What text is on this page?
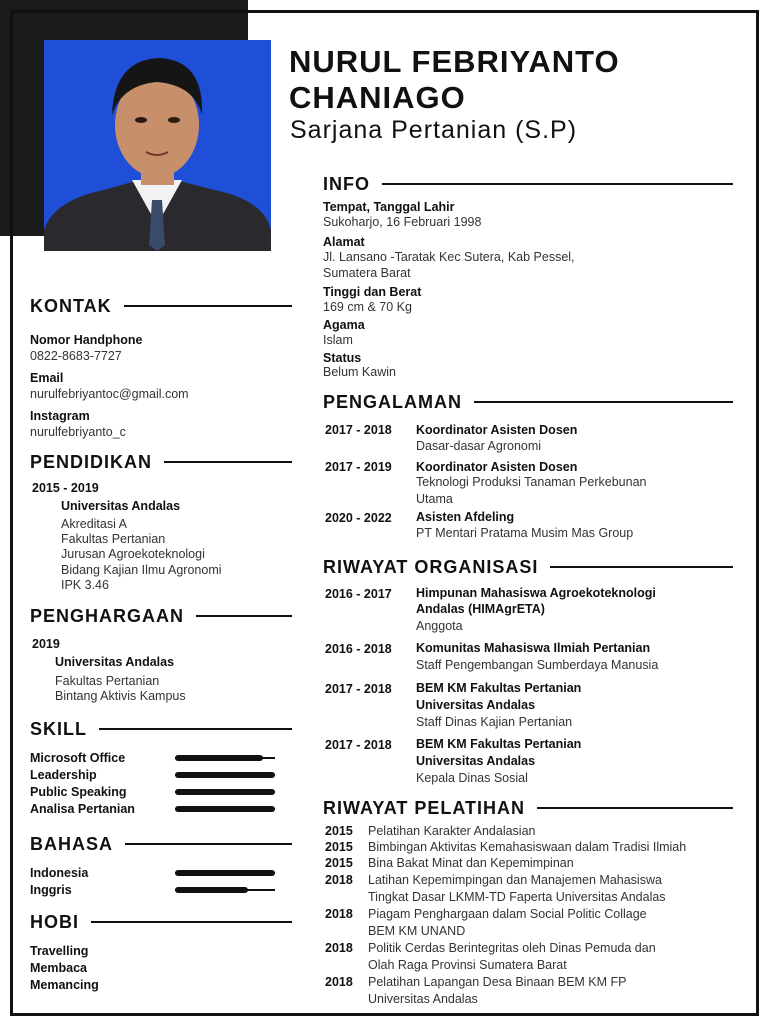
NURUL FEBRIYANTO
CHANIAGO
Sarjana Pertanian (S.P)
INFO
Tempat, Tanggal Lahir
Sukoharjo, 16 Februari 1998
Alamat
Jl. Lansano -Taratak Kec Sutera, Kab Pessel,
Sumatera Barat
Tinggi dan Berat
169 cm & 70 Kg
Agama
Islam
Status
Belum Kawin
KONTAK
Nomor Handphone
0822-8683-7727
Email
nurulfebriyantoc@gmail.com
Instagram
nurulfebriyanto_c
PENDIDIKAN
2015 - 2019
Universitas Andalas
Akreditasi A
Fakultas Pertanian
Jurusan Agroekoteknologi
Bidang Kajian Ilmu Agronomi
IPK 3.46
PENGHARGAAN
2019
Universitas Andalas
Fakultas Pertanian
Bintang Aktivis Kampus
SKILL
Microsoft Office
Leadership
Public Speaking
Analisa Pertanian
BAHASA
Indonesia
Inggris
HOBI
Travelling
Membaca
Memancing
PENGALAMAN
2017 - 2018 Koordinator Asisten Dosen
Dasar-dasar Agronomi
2017 - 2019 Koordinator Asisten Dosen
Teknologi Produksi Tanaman Perkebunan
Utama
2020 - 2022 Asisten Afdeling
PT Mentari Pratama Musim Mas Group
RIWAYAT ORGANISASI
2016 - 2017 Himpunan Mahasiswa Agroekoteknologi
Andalas (HIMAgrETA)
Anggota
2016 - 2018 Komunitas Mahasiswa Ilmiah Pertanian
Staff Pengembangan Sumberdaya Manusia
2017 - 2018 BEM KM Fakultas Pertanian
Universitas Andalas
Staff Dinas Kajian Pertanian
2017 - 2018 BEM KM Fakultas Pertanian
Universitas Andalas
Kepala Dinas Sosial
RIWAYAT PELATIHAN
2015 Pelatihan Karakter Andalasian
2015 Bimbingan Aktivitas Kemahasiswaan dalam Tradisi Ilmiah
2015 Bina Bakat Minat dan Kepemimpinan
2018 Latihan Kepemimpingan dan Manajemen Mahasiswa
Tingkat Dasar LKMM-TD Faperta Universitas Andalas
2018 Piagam Penghargaan dalam Social Politic Collage
BEM KM UNAND
2018 Politik Cerdas Berintegritas oleh Dinas Pemuda dan
Olah Raga Provinsi Sumatera Barat
2018 Pelatihan Lapangan Desa Binaan BEM KM FP
Universitas Andalas
